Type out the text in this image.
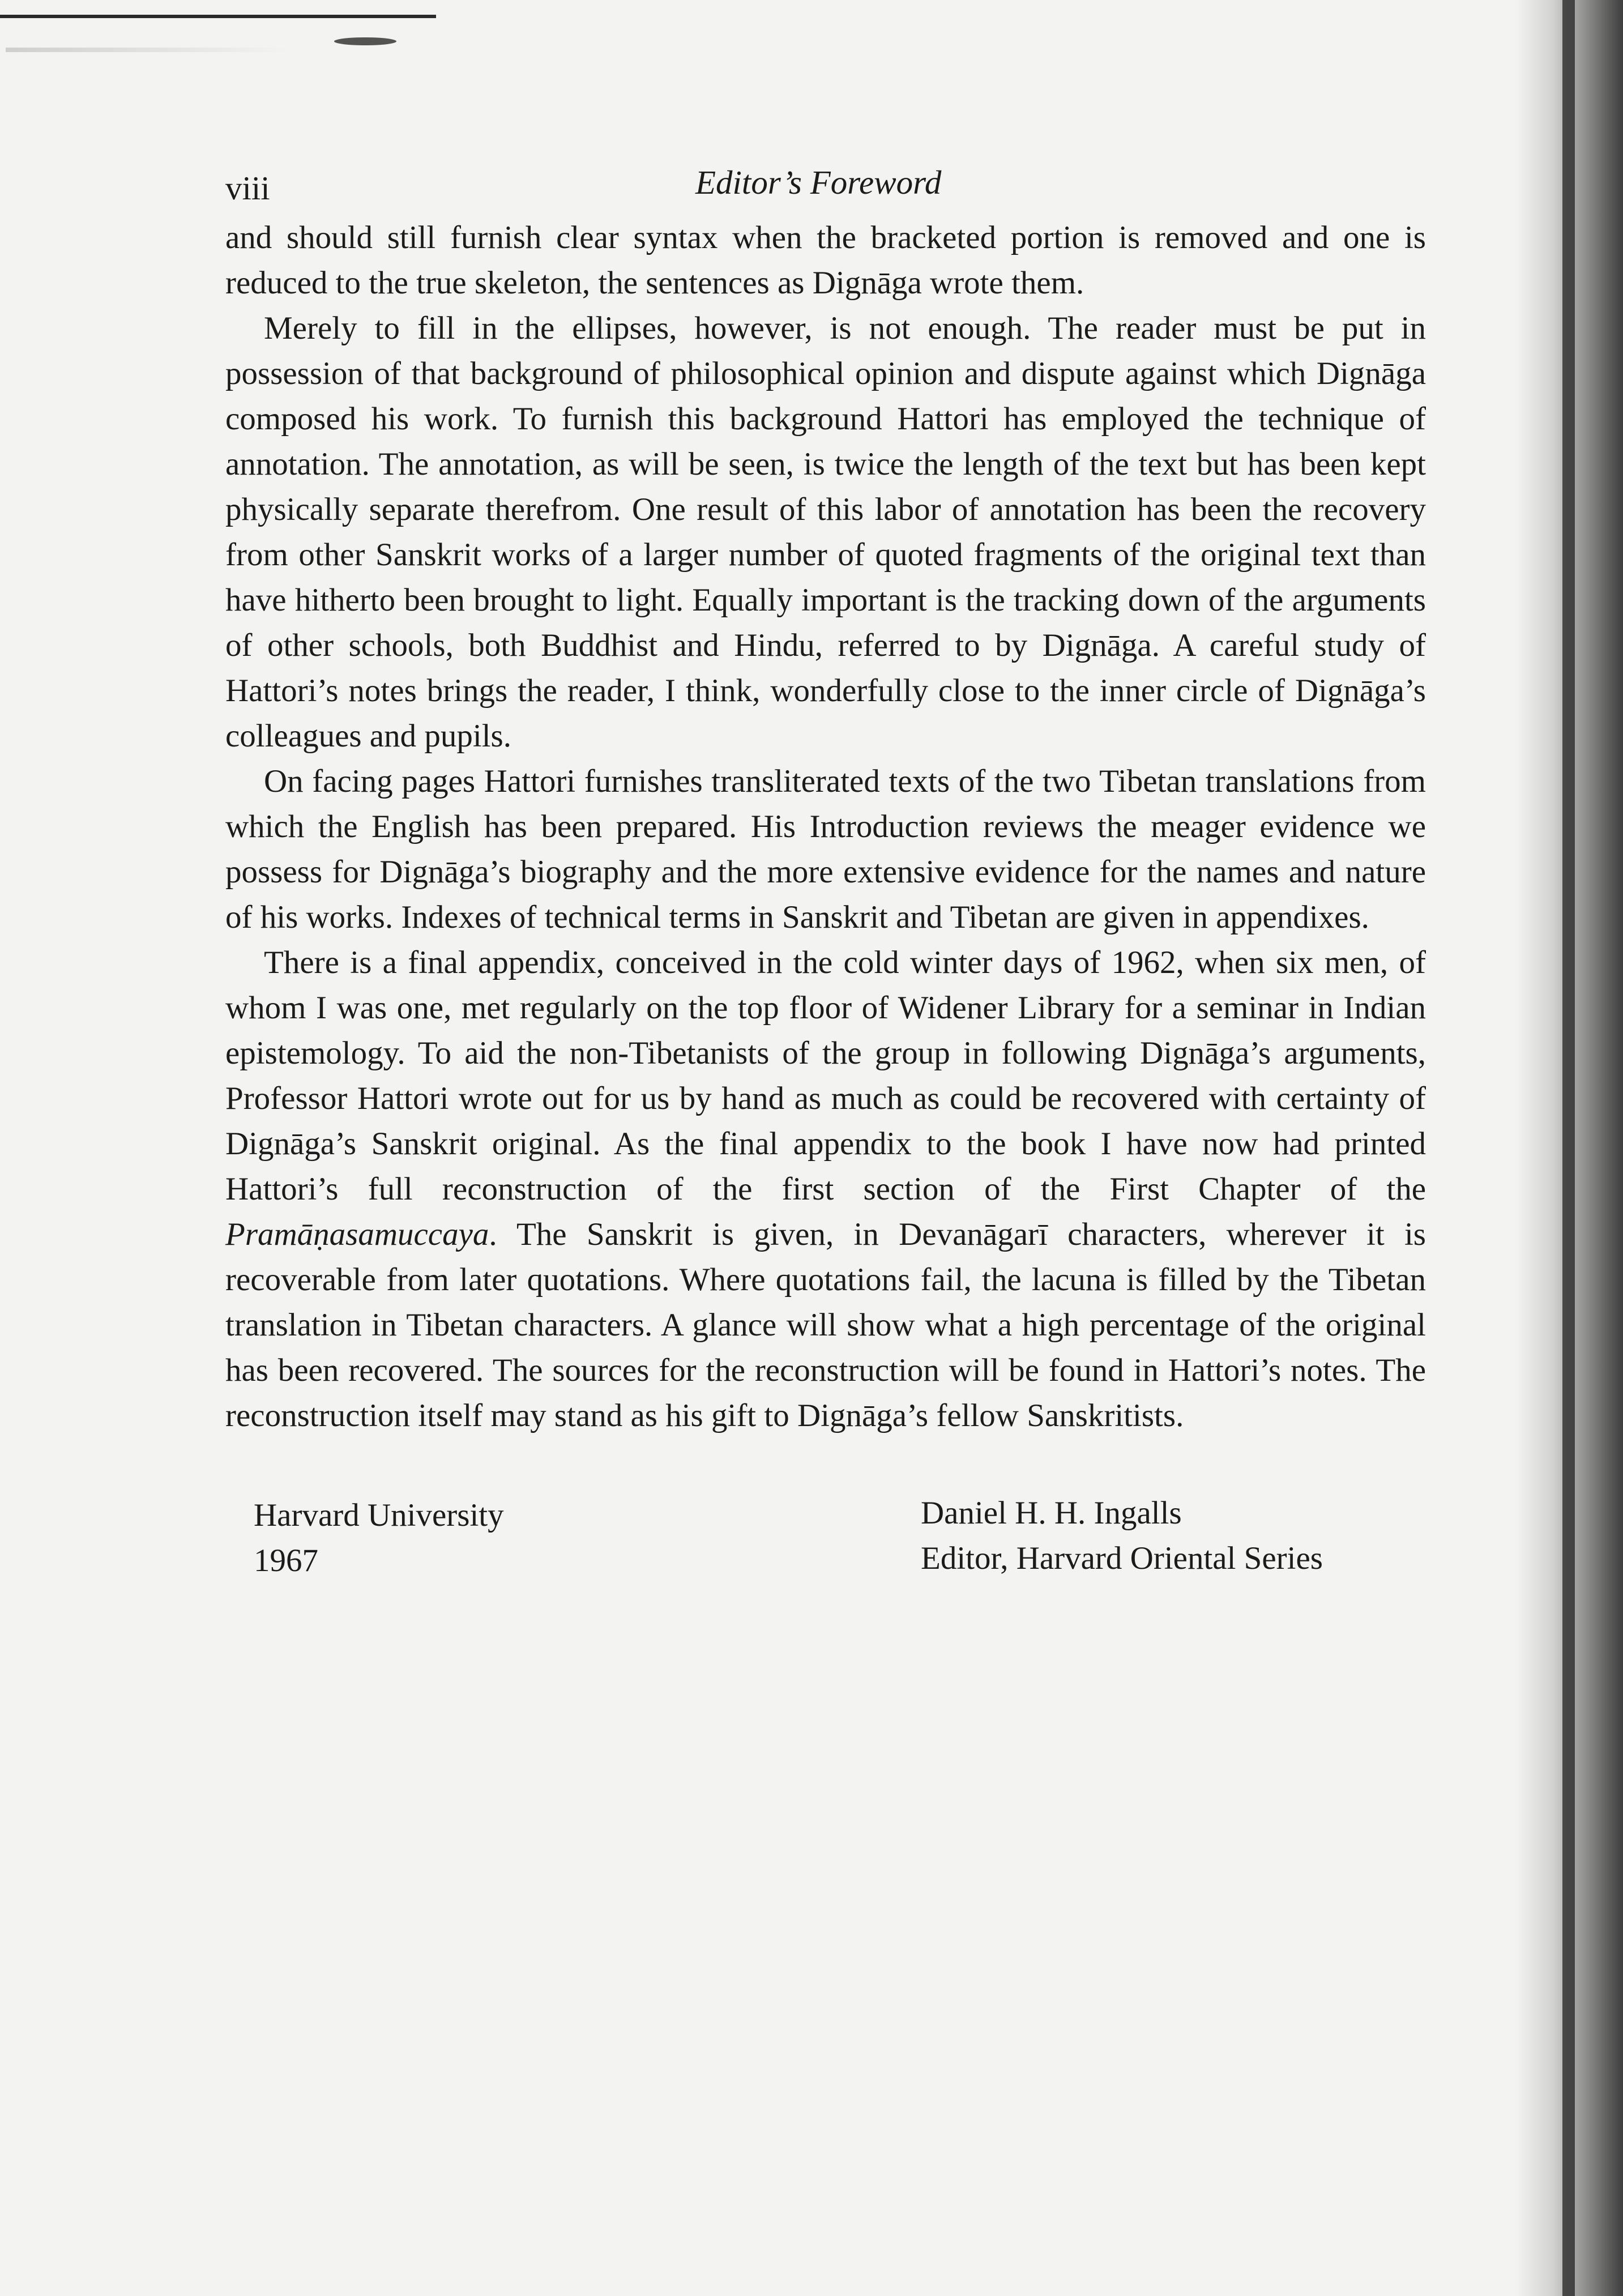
viii	Editor’s Foreword

and should still furnish clear syntax when the bracketed portion is removed and one is reduced to the true skeleton, the sentences as Dignāga wrote them.

Merely to fill in the ellipses, however, is not enough. The reader must be put in possession of that background of philosophical opinion and dispute against which Dignāga composed his work. To furnish this background Hattori has employed the technique of annotation. The annotation, as will be seen, is twice the length of the text but has been kept physically separate therefrom. One result of this labor of annotation has been the recovery from other Sanskrit works of a larger number of quoted fragments of the original text than have hitherto been brought to light. Equally important is the tracking down of the arguments of other schools, both Buddhist and Hindu, referred to by Dignāga. A careful study of Hattori’s notes brings the reader, I think, wonderfully close to the inner circle of Dignāga’s colleagues and pupils.

On facing pages Hattori furnishes transliterated texts of the two Tibetan translations from which the English has been prepared. His Introduction reviews the meager evidence we possess for Dignāga’s biography and the more extensive evidence for the names and nature of his works. Indexes of technical terms in Sanskrit and Tibetan are given in appendixes.

There is a final appendix, conceived in the cold winter days of 1962, when six men, of whom I was one, met regularly on the top floor of Widener Library for a seminar in Indian epistemology. To aid the non-Tibetanists of the group in following Dignāga’s arguments, Professor Hattori wrote out for us by hand as much as could be recovered with certainty of Dignāga’s Sanskrit original. As the final appendix to the book I have now had printed Hattori’s full reconstruction of the first section of the First Chapter of the Pramāṇasamuccaya. The Sanskrit is given, in Devanāgarī characters, wherever it is recoverable from later quotations. Where quotations fail, the lacuna is filled by the Tibetan translation in Tibetan characters. A glance will show what a high percentage of the original has been recovered. The sources for the reconstruction will be found in Hattori’s notes. The reconstruction itself may stand as his gift to Dignāga’s fellow Sanskritists.

Harvard University
1967
Daniel H. H. Ingalls
Editor, Harvard Oriental Series
